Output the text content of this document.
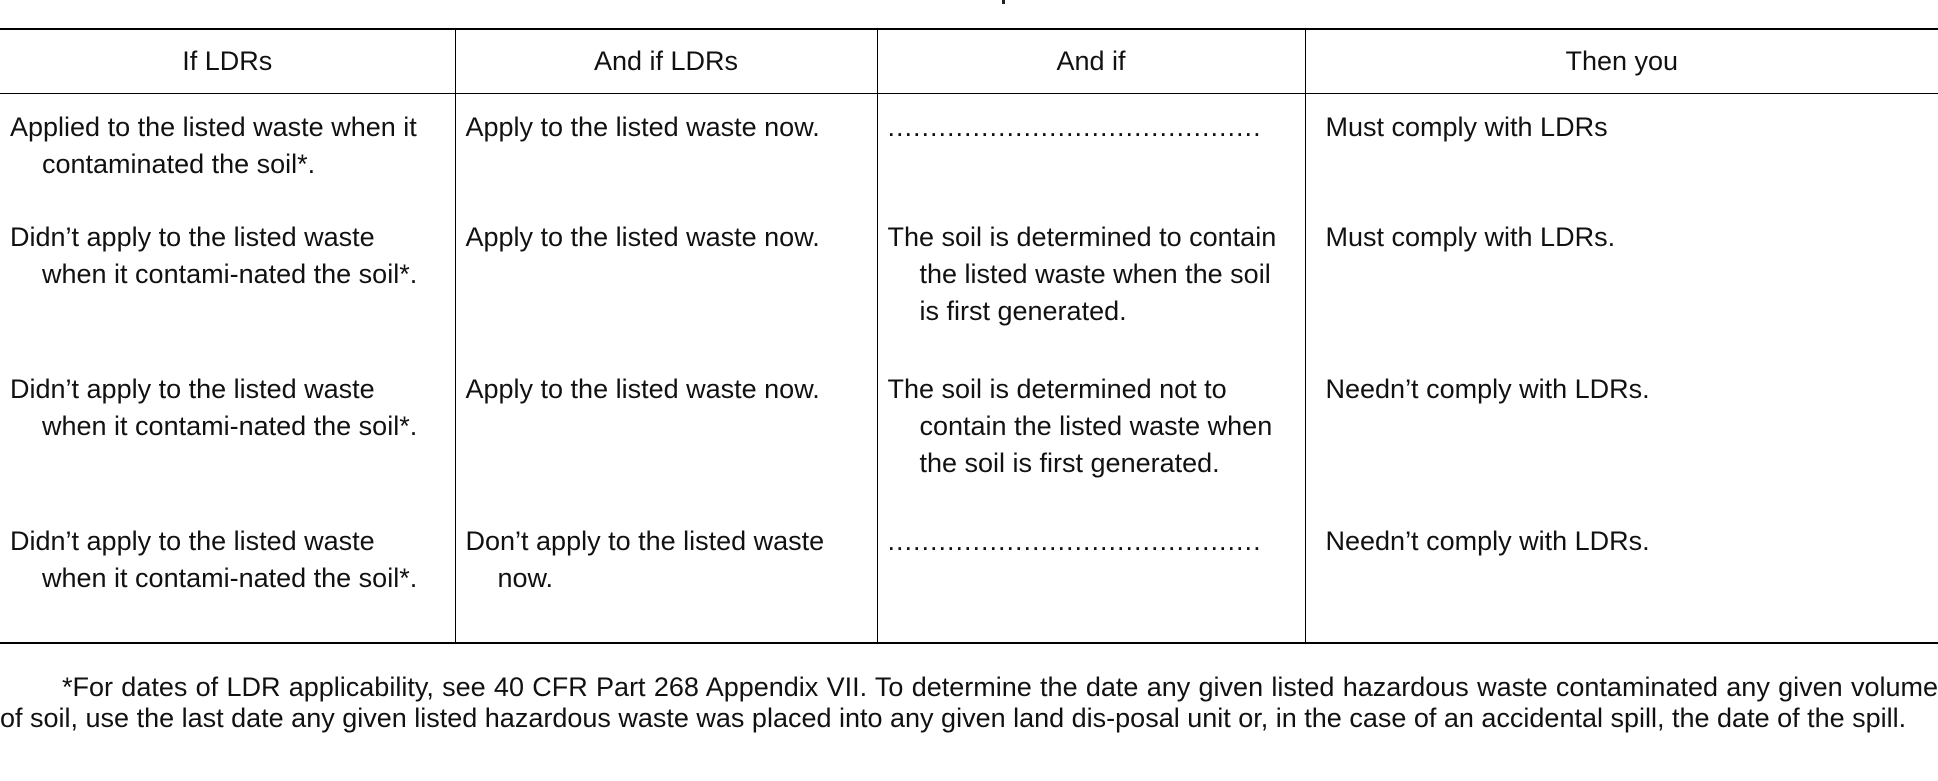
If LDRs	And if LDRs	And if	Then you
Applied to the listed waste when it contaminated the soil*.	Apply to the listed waste now.	............................................	Must comply with LDRs
Didn’t apply to the listed waste when it contami-nated the soil*.	Apply to the listed waste now.	The soil is determined to contain the listed waste when the soil is first generated.	Must comply with LDRs.
Didn’t apply to the listed waste when it contami-nated the soil*.	Apply to the listed waste now.	The soil is determined not to contain the listed waste when the soil is first generated.	Needn’t comply with LDRs.
Didn’t apply to the listed waste when it contami-nated the soil*.	Don’t apply to the listed waste now.	............................................	Needn’t comply with LDRs.
*For dates of LDR applicability, see 40 CFR Part 268 Appendix VII. To determine the date any given listed hazardous waste contaminated any given volume of soil, use the last date any given listed hazardous waste was placed into any given land dis-posal unit or, in the case of an accidental spill, the date of the spill.
